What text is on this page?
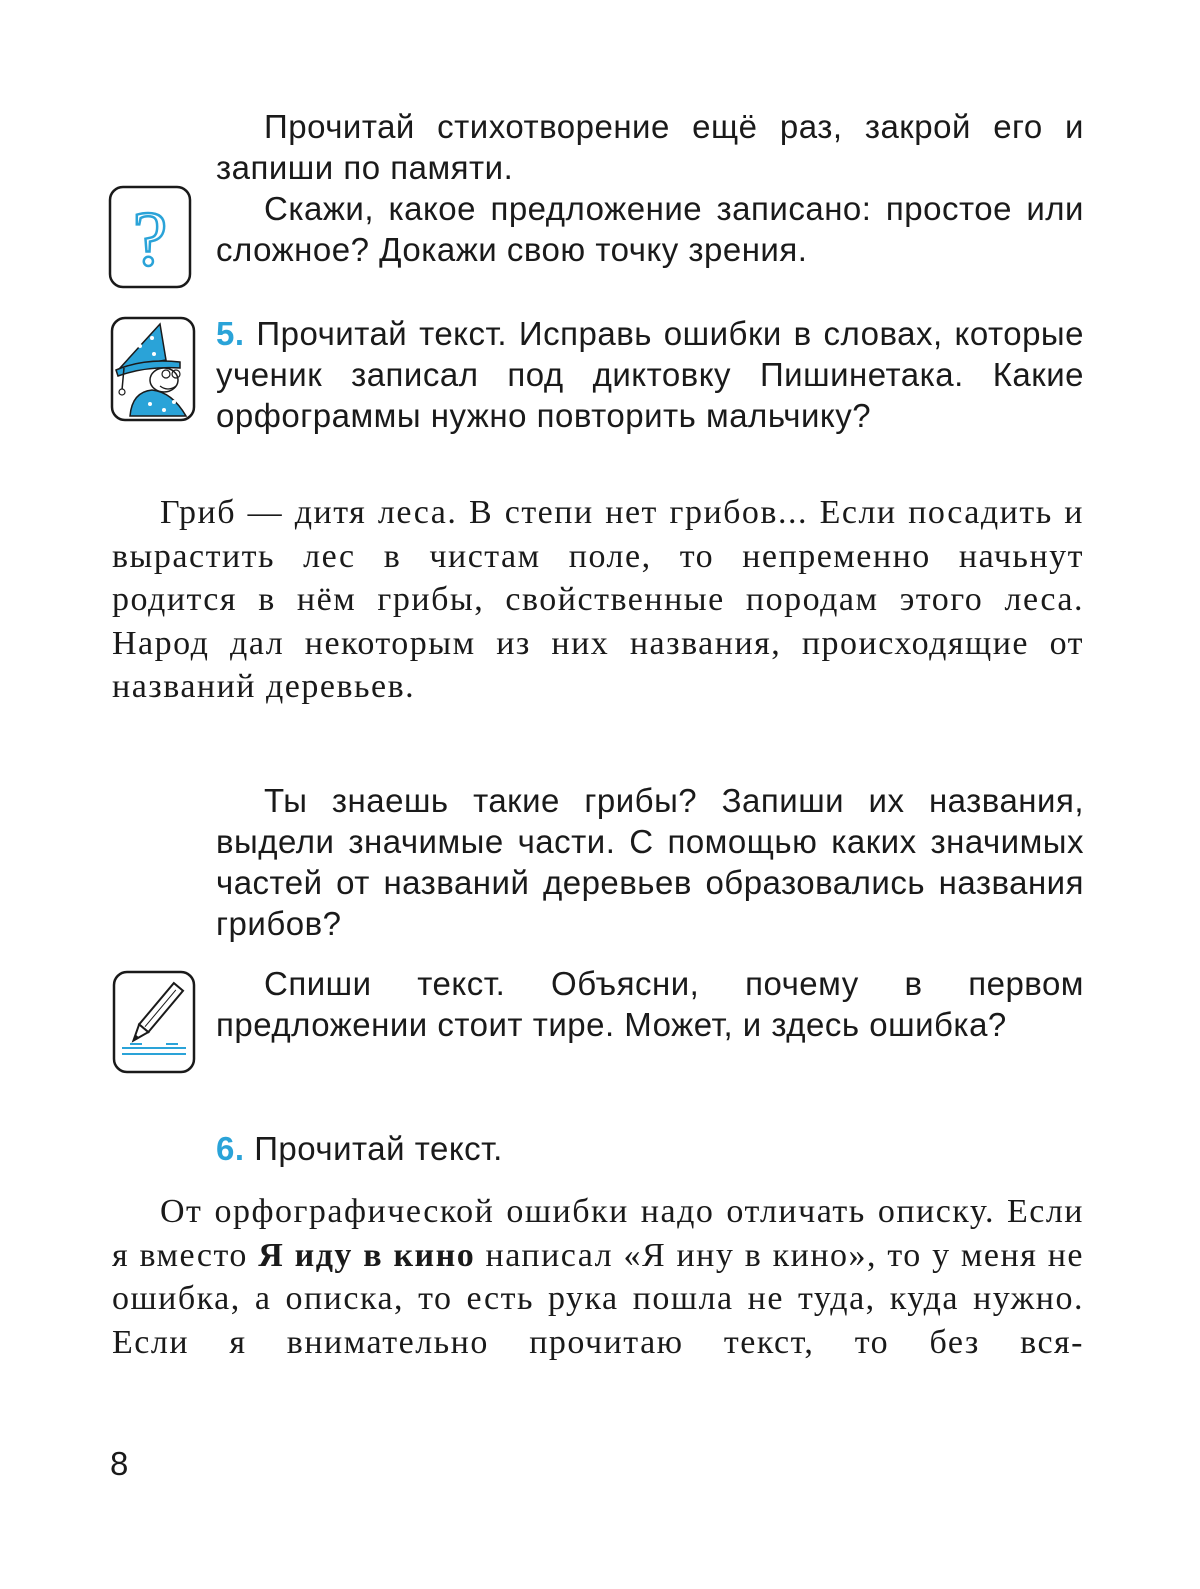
Прочитай стихотворение ещё раз, закрой его и запиши по памяти.

?	Скажи, какое предложение записано: простое или сложное? Докажи свою точку зрения.

5. Прочитай текст. Исправь ошибки в словах, которые ученик записал под диктовку Пишинетака. Какие орфограммы нужно повторить мальчику?

Гриб — дитя леса. В степи нет грибов... Если посадить и вырастить лес в чистам поле, то непременно начьнут родится в нём грибы, свойственные породам этого леса. Народ дал некоторым из них названия, происходящие от названий деревьев.

Ты знаешь такие грибы? Запиши их названия, выдели значимые части. С помощью каких значимых частей от названий деревьев образовались названия грибов?

Спиши текст. Объясни, почему в первом предложении стоит тире. Может, и здесь ошибка?

6. Прочитай текст.

От орфографической ошибки надо отличать описку. Если я вместо Я иду в кино написал «Я ину в кино», то у меня не ошибка, а описка, то есть рука пошла не туда, куда нужно. Если я внимательно прочитаю текст, то без вся-

8
